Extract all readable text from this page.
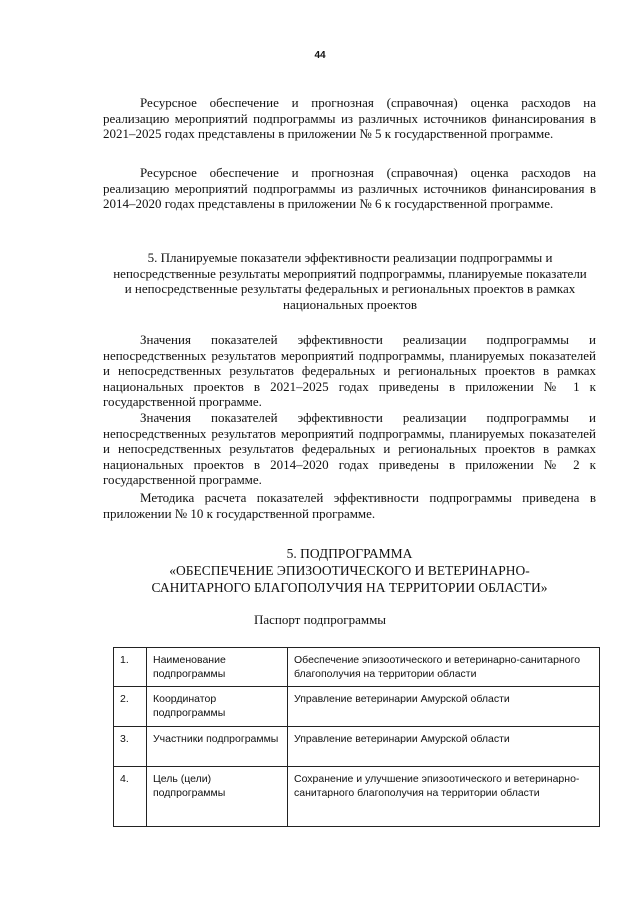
44

Ресурсное обеспечение и прогнозная (справочная) оценка расходов на реализацию мероприятий подпрограммы из различных источников финансирования в 2021–2025 годах представлены в приложении № 5 к государственной программе.

Ресурсное обеспечение и прогнозная (справочная) оценка расходов на реализацию мероприятий подпрограммы из различных источников финансирования в 2014–2020 годах представлены в приложении № 6 к государственной программе.

5. Планируемые показатели эффективности реализации подпрограммы и непосредственные результаты мероприятий подпрограммы, планируемые показатели и непосредственные результаты федеральных и региональных проектов в рамках национальных проектов

Значения показателей эффективности реализации подпрограммы и непосредственных результатов мероприятий подпрограммы, планируемых показателей и непосредственных результатов федеральных и региональных проектов в рамках национальных проектов в 2021–2025 годах приведены в приложении № 1 к государственной программе.

Значения показателей эффективности реализации подпрограммы и непосредственных результатов мероприятий подпрограммы, планируемых показателей и непосредственных результатов федеральных и региональных проектов в рамках национальных проектов в 2014–2020 годах приведены в приложении № 2 к государственной программе.

Методика расчета показателей эффективности подпрограммы приведена в приложении № 10 к государственной программе.

5. ПОДПРОГРАММА
«ОБЕСПЕЧЕНИЕ ЭПИЗООТИЧЕСКОГО И ВЕТЕРИНАРНО-
САНИТАРНОГО БЛАГОПОЛУЧИЯ НА ТЕРРИТОРИИ ОБЛАСТИ»
Паспорт подпрограммы
1.	Наименование подпрограммы	Обеспечение эпизоотического и ветеринарно-санитарного благополучия на территории области
2.	Координатор подпрограммы	Управление ветеринарии Амурской области
3.	Участники подпрограммы	Управление ветеринарии Амурской области
4.	Цель (цели) подпрограммы	Сохранение и улучшение эпизоотического и ветеринарно-санитарного благополучия на территории области
